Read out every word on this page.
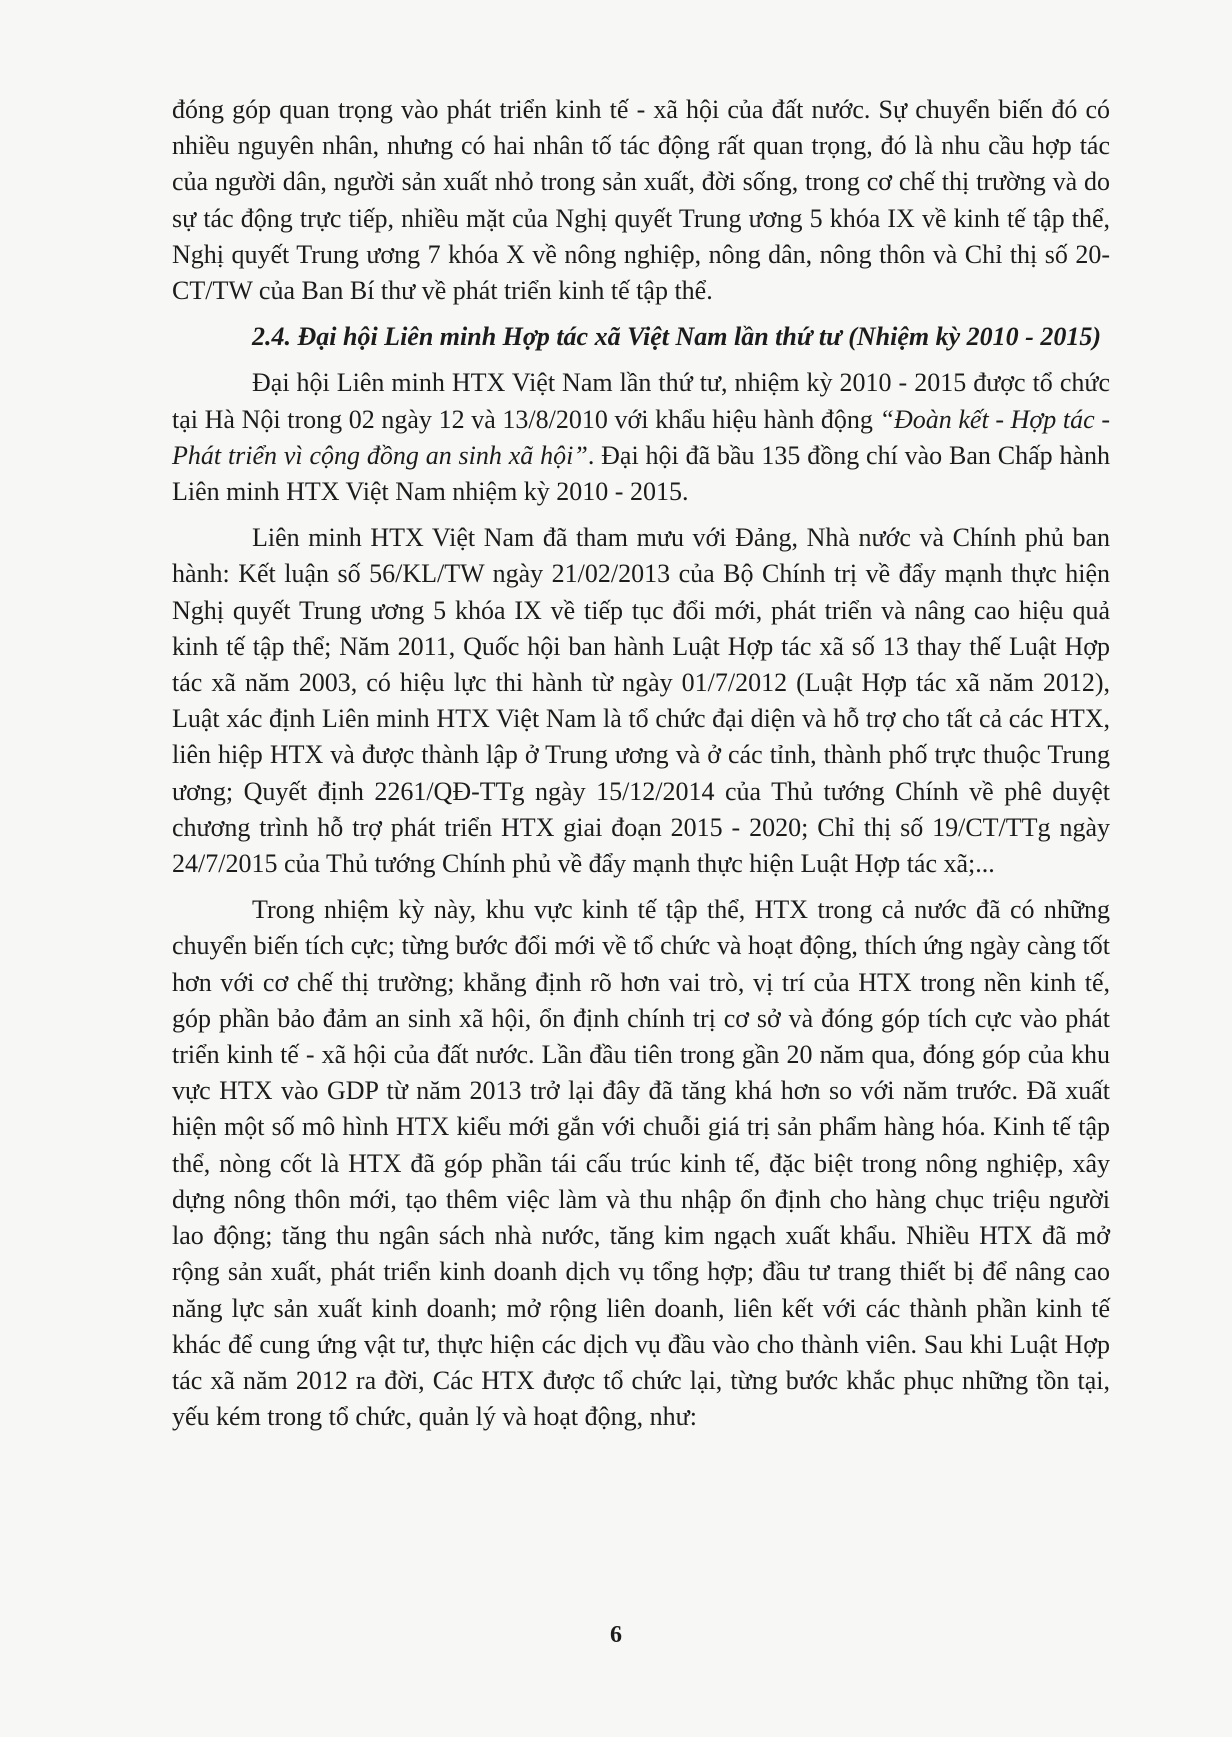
đóng góp quan trọng vào phát triển kinh tế - xã hội của đất nước. Sự chuyển biến đó có nhiều nguyên nhân, nhưng có hai nhân tố tác động rất quan trọng, đó là nhu cầu hợp tác của người dân, người sản xuất nhỏ trong sản xuất, đời sống, trong cơ chế thị trường và do sự tác động trực tiếp, nhiều mặt của Nghị quyết Trung ương 5 khóa IX về kinh tế tập thể, Nghị quyết Trung ương 7 khóa X về nông nghiệp, nông dân, nông thôn và Chỉ thị số 20-CT/TW của Ban Bí thư về phát triển kinh tế tập thể.

2.4. Đại hội Liên minh Hợp tác xã Việt Nam lần thứ tư (Nhiệm kỳ 2010 - 2015)

Đại hội Liên minh HTX Việt Nam lần thứ tư, nhiệm kỳ 2010 - 2015 được tổ chức tại Hà Nội trong 02 ngày 12 và 13/8/2010 với khẩu hiệu hành động “Đoàn kết - Hợp tác - Phát triển vì cộng đồng an sinh xã hội”. Đại hội đã bầu 135 đồng chí vào Ban Chấp hành Liên minh HTX Việt Nam nhiệm kỳ 2010 - 2015.

Liên minh HTX Việt Nam đã tham mưu với Đảng, Nhà nước và Chính phủ ban hành: Kết luận số 56/KL/TW ngày 21/02/2013 của Bộ Chính trị về đẩy mạnh thực hiện Nghị quyết Trung ương 5 khóa IX về tiếp tục đổi mới, phát triển và nâng cao hiệu quả kinh tế tập thể; Năm 2011, Quốc hội ban hành Luật Hợp tác xã số 13 thay thế Luật Hợp tác xã năm 2003, có hiệu lực thi hành từ ngày 01/7/2012 (Luật Hợp tác xã năm 2012), Luật xác định Liên minh HTX Việt Nam là tổ chức đại diện và hỗ trợ cho tất cả các HTX, liên hiệp HTX và được thành lập ở Trung ương và ở các tỉnh, thành phố trực thuộc Trung ương; Quyết định 2261/QĐ-TTg ngày 15/12/2014 của Thủ tướng Chính về phê duyệt chương trình hỗ trợ phát triển HTX giai đoạn 2015 - 2020; Chỉ thị số 19/CT/TTg ngày 24/7/2015 của Thủ tướng Chính phủ về đẩy mạnh thực hiện Luật Hợp tác xã;...

Trong nhiệm kỳ này, khu vực kinh tế tập thể, HTX trong cả nước đã có những chuyển biến tích cực; từng bước đổi mới về tổ chức và hoạt động, thích ứng ngày càng tốt hơn với cơ chế thị trường; khẳng định rõ hơn vai trò, vị trí của HTX trong nền kinh tế, góp phần bảo đảm an sinh xã hội, ổn định chính trị cơ sở và đóng góp tích cực vào phát triển kinh tế - xã hội của đất nước. Lần đầu tiên trong gần 20 năm qua, đóng góp của khu vực HTX vào GDP từ năm 2013 trở lại đây đã tăng khá hơn so với năm trước. Đã xuất hiện một số mô hình HTX kiểu mới gắn với chuỗi giá trị sản phẩm hàng hóa. Kinh tế tập thể, nòng cốt là HTX đã góp phần tái cấu trúc kinh tế, đặc biệt trong nông nghiệp, xây dựng nông thôn mới, tạo thêm việc làm và thu nhập ổn định cho hàng chục triệu người lao động; tăng thu ngân sách nhà nước, tăng kim ngạch xuất khẩu. Nhiều HTX đã mở rộng sản xuất, phát triển kinh doanh dịch vụ tổng hợp; đầu tư trang thiết bị để nâng cao năng lực sản xuất kinh doanh; mở rộng liên doanh, liên kết với các thành phần kinh tế khác để cung ứng vật tư, thực hiện các dịch vụ đầu vào cho thành viên. Sau khi Luật Hợp tác xã năm 2012 ra đời, Các HTX được tổ chức lại, từng bước khắc phục những tồn tại, yếu kém trong tổ chức, quản lý và hoạt động, như:

6
